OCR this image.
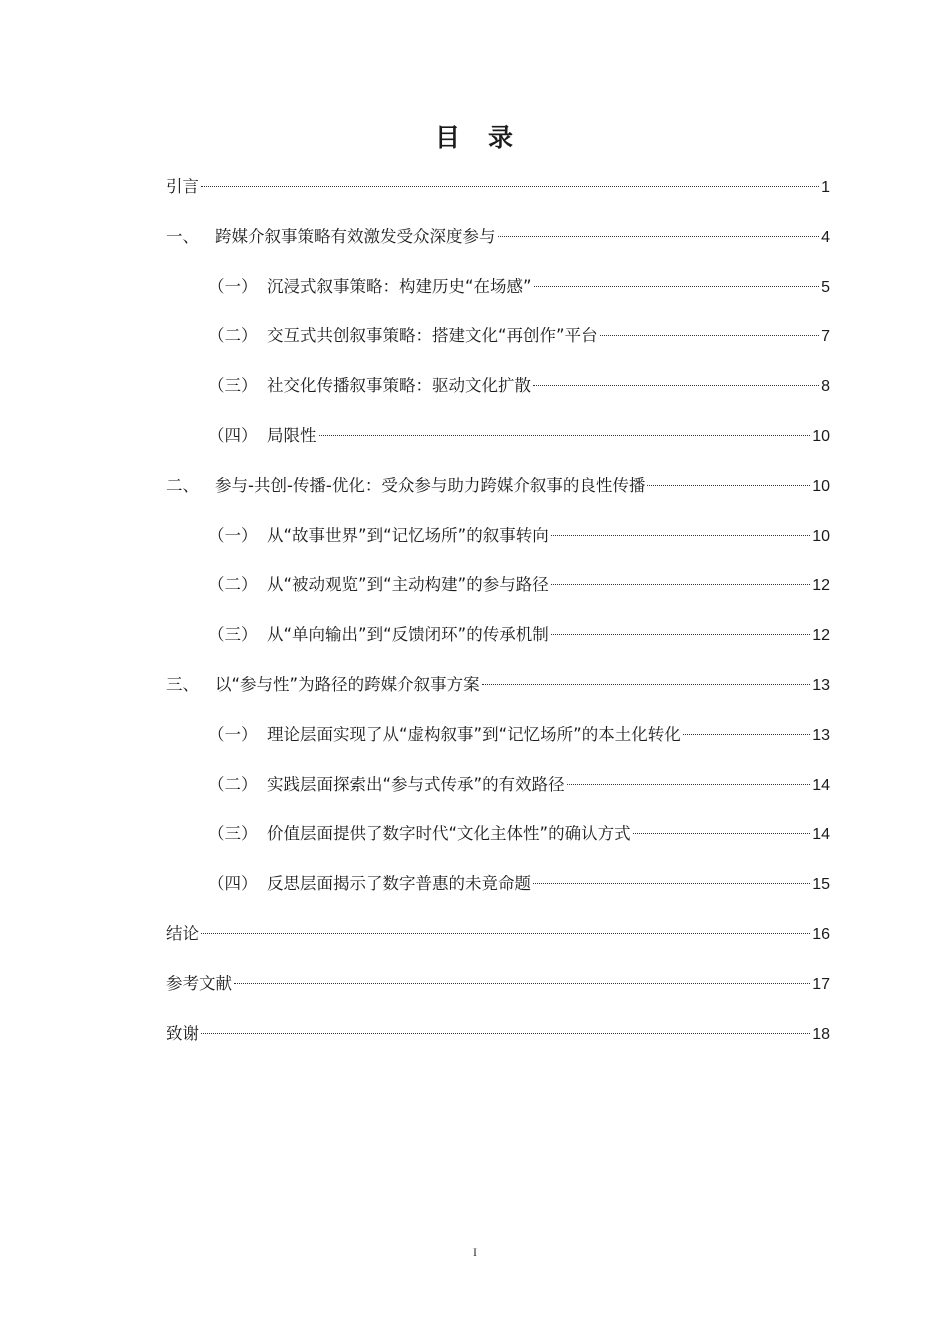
目 录
引言	1
一、 跨媒介叙事策略有效激发受众深度参与	4
（一） 沉浸式叙事策略：构建历史“在场感”	5
（二） 交互式共创叙事策略：搭建文化“再创作”平台	7
（三） 社交化传播叙事策略：驱动文化扩散	8
（四） 局限性	10
二、 参与-共创-传播-优化：受众参与助力跨媒介叙事的良性传播	10
（一） 从“故事世界”到“记忆场所”的叙事转向	10
（二） 从“被动观览”到“主动构建”的参与路径	12
（三） 从“单向输出”到“反馈闭环”的传承机制	12
三、 以“参与性”为路径的跨媒介叙事方案	13
（一） 理论层面实现了从“虚构叙事”到“记忆场所”的本土化转化	13
（二） 实践层面探索出“参与式传承”的有效路径	14
（三） 价值层面提供了数字时代“文化主体性”的确认方式	14
（四） 反思层面揭示了数字普惠的未竟命题	15
结论	16
参考文献	17
致谢	18
I
